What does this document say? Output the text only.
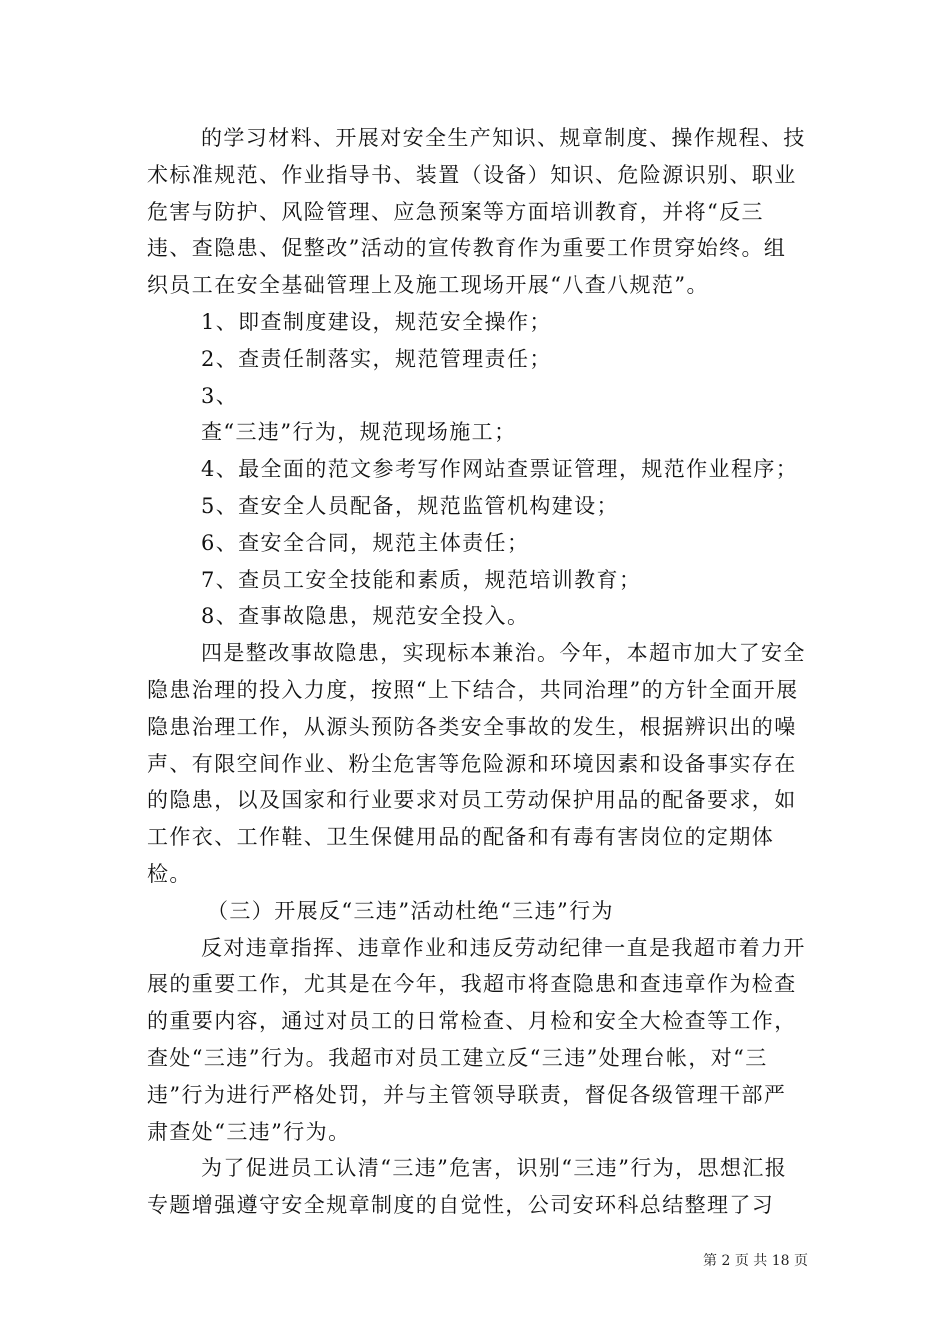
的学习材料、开展对安全生产知识、规章制度、操作规程、技术标准规范、作业指导书、装置（设备）知识、危险源识别、职业危害与防护、风险管理、应急预案等方面培训教育，并将“反三违、查隐患、促整改”活动的宣传教育作为重要工作贯穿始终。组织员工在安全基础管理上及施工现场开展“八查八规范”。

1、即查制度建设，规范安全操作；

2、查责任制落实，规范管理责任；

3、

查“三违”行为，规范现场施工；

4、最全面的范文参考写作网站查票证管理，规范作业程序；

5、查安全人员配备，规范监管机构建设；

6、查安全合同，规范主体责任；

7、查员工安全技能和素质，规范培训教育；

8、查事故隐患，规范安全投入。

四是整改事故隐患，实现标本兼治。今年，本超市加大了安全隐患治理的投入力度，按照“上下结合，共同治理”的方针全面开展隐患治理工作，从源头预防各类安全事故的发生，根据辨识出的噪声、有限空间作业、粉尘危害等危险源和环境因素和设备事实存在的隐患，以及国家和行业要求对员工劳动保护用品的配备要求，如工作衣、工作鞋、卫生保健用品的配备和有毒有害岗位的定期体检。

（三）开展反“三违”活动杜绝“三违”行为

反对违章指挥、违章作业和违反劳动纪律一直是我超市着力开展的重要工作，尤其是在今年，我超市将查隐患和查违章作为检查的重要内容，通过对员工的日常检查、月检和安全大检查等工作，查处“三违”行为。我超市对员工建立反“三违”处理台帐，对“三违”行为进行严格处罚，并与主管领导联责，督促各级管理干部严肃查处“三违”行为。

为了促进员工认清“三违”危害，识别“三违”行为，思想汇报专题增强遵守安全规章制度的自觉性，公司安环科总结整理了习

第 2 页 共 18 页
